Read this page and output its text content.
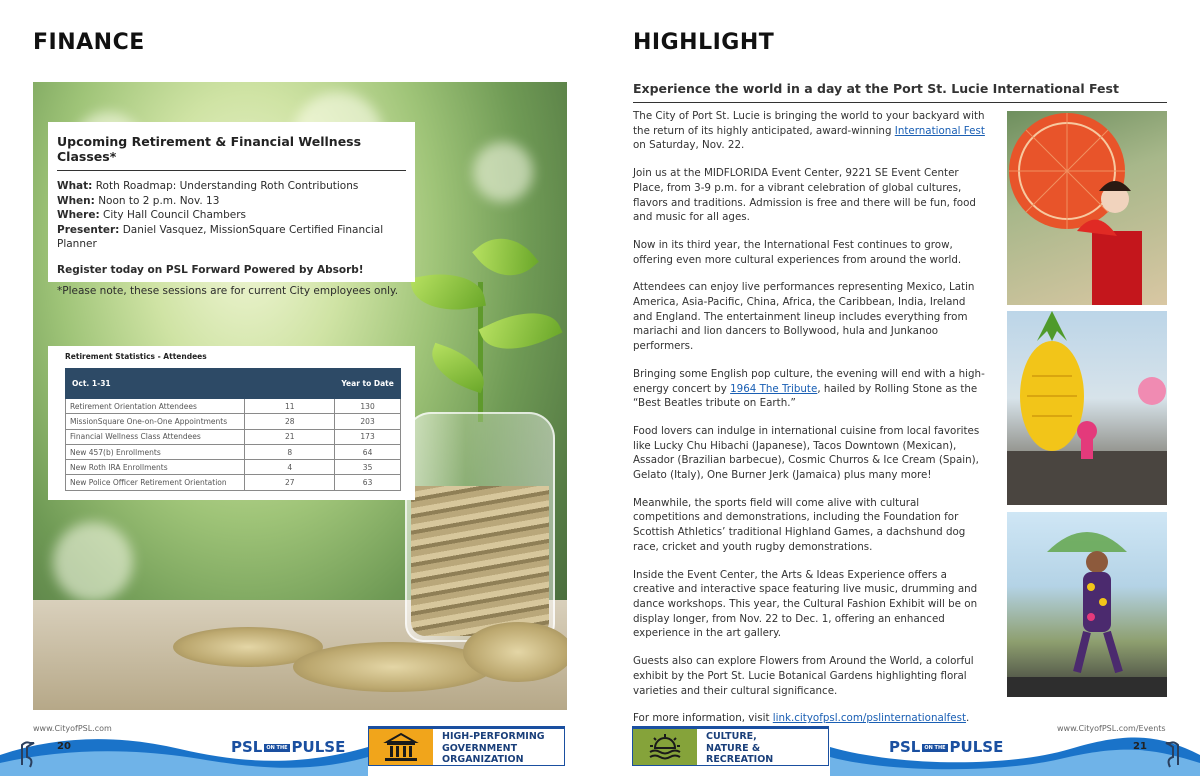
FINANCE
Upcoming Retirement & Financial Wellness Classes*
What: Roth Roadmap: Understanding Roth Contributions
When: Noon to 2 p.m. Nov. 13
Where: City Hall Council Chambers
Presenter: Daniel Vasquez, MissionSquare Certified Financial Planner
Register today on PSL Forward Powered by Absorb!
*Please note, these sessions are for current City employees only.
Retirement Statistics - Attendees
Oct. 1-31		Year to Date
Retirement Orientation Attendees	11	130
MissionSquare One-on-One Appointments	28	203
Financial Wellness Class Attendees	21	173
New 457(b) Enrollments	8	64
New Roth IRA Enrollments	4	35
New Police Officer Retirement Orientation	27	63
www.CityofPSL.com
20	PSL ON THE PULSE
HIGH-PERFORMING
GOVERNMENT
ORGANIZATION
HIGHLIGHT
Experience the world in a day at the Port St. Lucie International Fest

The City of Port St. Lucie is bringing the world to your backyard with the return of its highly anticipated, award-winning International Fest on Saturday, Nov. 22.

Join us at the MIDFLORIDA Event Center, 9221 SE Event Center Place, from 3-9 p.m. for a vibrant celebration of global cultures, flavors and traditions. Admission is free and there will be fun, food and music for all ages.

Now in its third year, the International Fest continues to grow, offering even more cultural experiences from around the world.

Attendees can enjoy live performances representing Mexico, Latin America, Asia-Pacific, China, Africa, the Caribbean, India, Ireland and England. The entertainment lineup includes everything from mariachi and lion dancers to Bollywood, hula and Junkanoo performers.

Bringing some English pop culture, the evening will end with a high-energy concert by 1964 The Tribute, hailed by Rolling Stone as the “Best Beatles tribute on Earth.”

Food lovers can indulge in international cuisine from local favorites like Lucky Chu Hibachi (Japanese), Tacos Downtown (Mexican), Assador (Brazilian barbecue), Cosmic Churros & Ice Cream (Spain), Gelato (Italy), One Burner Jerk (Jamaica) plus many more!

Meanwhile, the sports field will come alive with cultural competitions and demonstrations, including the Foundation for Scottish Athletics’ traditional Highland Games, a dachshund dog race, cricket and youth rugby demonstrations.

Inside the Event Center, the Arts & Ideas Experience offers a creative and interactive space featuring live music, drumming and dance workshops. This year, the Cultural Fashion Exhibit will be on display longer, from Nov. 22 to Dec. 1, offering an enhanced experience in the art gallery.

Guests also can explore Flowers from Around the World, a colorful exhibit by the Port St. Lucie Botanical Gardens highlighting floral varieties and their cultural significance.

For more information, visit link.cityofpsl.com/pslinternationalfest.

www.CityofPSL.com/Events
21
PSL ON THE PULSE
CULTURE,
NATURE &
RECREATION
